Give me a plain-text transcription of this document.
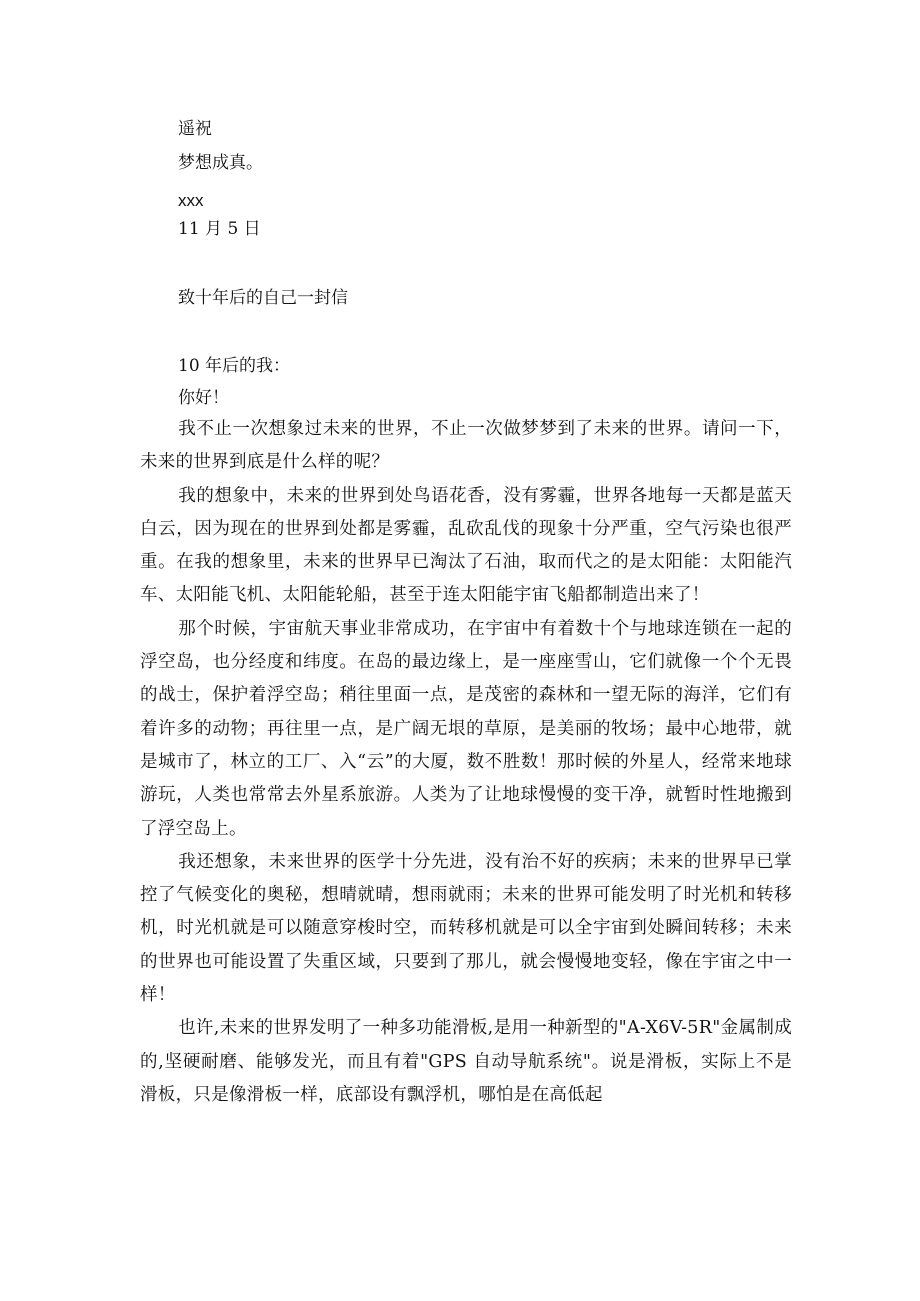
遥祝
梦想成真。
xxx
11 月 5 日
致十年后的自己一封信
10 年后的我：
你好！

我不止一次想象过未来的世界，不止一次做梦梦到了未来的世界。请问一下，未来的世界到底是什么样的呢？

我的想象中，未来的世界到处鸟语花香，没有雾霾，世界各地每一天都是蓝天白云，因为现在的世界到处都是雾霾，乱砍乱伐的现象十分严重，空气污染也很严重。在我的想象里，未来的世界早已淘汰了石油，取而代之的是太阳能：太阳能汽车、太阳能飞机、太阳能轮船，甚至于连太阳能宇宙飞船都制造出来了！

那个时候，宇宙航天事业非常成功，在宇宙中有着数十个与地球连锁在一起的浮空岛，也分经度和纬度。在岛的最边缘上，是一座座雪山，它们就像一个个无畏的战士，保护着浮空岛；稍往里面一点，是茂密的森林和一望无际的海洋，它们有着许多的动物；再往里一点，是广阔无垠的草原，是美丽的牧场；最中心地带，就是城市了，林立的工厂、入“云”的大厦，数不胜数！那时候的外星人，经常来地球游玩，人类也常常去外星系旅游。人类为了让地球慢慢的变干净，就暂时性地搬到了浮空岛上。

我还想象，未来世界的医学十分先进，没有治不好的疾病；未来的世界早已掌控了气候变化的奥秘，想晴就晴，想雨就雨；未来的世界可能发明了时光机和转移机，时光机就是可以随意穿梭时空，而转移机就是可以全宇宙到处瞬间转移；未来的世界也可能设置了失重区域，只要到了那儿，就会慢慢地变轻，像在宇宙之中一样！

也许,未来的世界发明了一种多功能滑板,是用一种新型的"A-X6V-5R"金属制成的,坚硬耐磨、能够发光，而且有着"GPS 自动导航系统"。说是滑板，实际上不是滑板，只是像滑板一样，底部设有飘浮机，哪怕是在高低起
